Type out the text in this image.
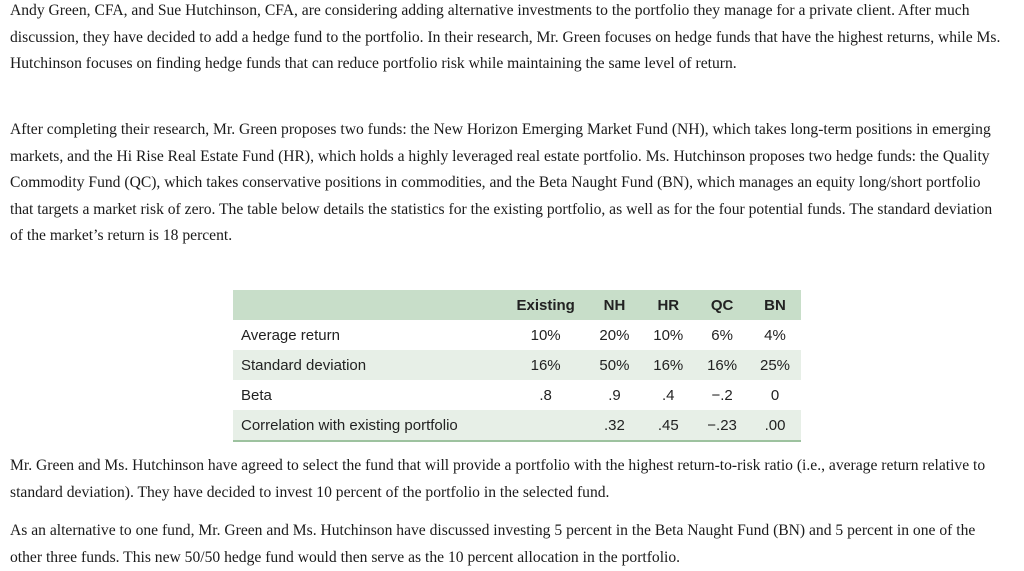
Andy Green, CFA, and Sue Hutchinson, CFA, are considering adding alternative investments to the portfolio they manage for a private client. After much discussion, they have decided to add a hedge fund to the portfolio. In their research, Mr. Green focuses on hedge funds that have the highest returns, while Ms. Hutchinson focuses on finding hedge funds that can reduce portfolio risk while maintaining the same level of return.

After completing their research, Mr. Green proposes two funds: the New Horizon Emerging Market Fund (NH), which takes long-term positions in emerging markets, and the Hi Rise Real Estate Fund (HR), which holds a highly leveraged real estate portfolio. Ms. Hutchinson proposes two hedge funds: the Quality Commodity Fund (QC), which takes conservative positions in commodities, and the Beta Naught Fund (BN), which manages an equity long/short portfolio that targets a market risk of zero. The table below details the statistics for the existing portfolio, as well as for the four potential funds. The standard deviation of the market’s return is 18 percent.

	Existing	NH	HR	QC	BN
Average return	10%	20%	10%	6%	4%
Standard deviation	16%	50%	16%	16%	25%
Beta	.8	.9	.4	−.2	0
Correlation with existing portfolio		.32	.45	−.23	.00

Mr. Green and Ms. Hutchinson have agreed to select the fund that will provide a portfolio with the highest return-to-risk ratio (i.e., average return relative to standard deviation). They have decided to invest 10 percent of the portfolio in the selected fund.

As an alternative to one fund, Mr. Green and Ms. Hutchinson have discussed investing 5 percent in the Beta Naught Fund (BN) and 5 percent in one of the other three funds. This new 50/50 hedge fund would then serve as the 10 percent allocation in the portfolio.
